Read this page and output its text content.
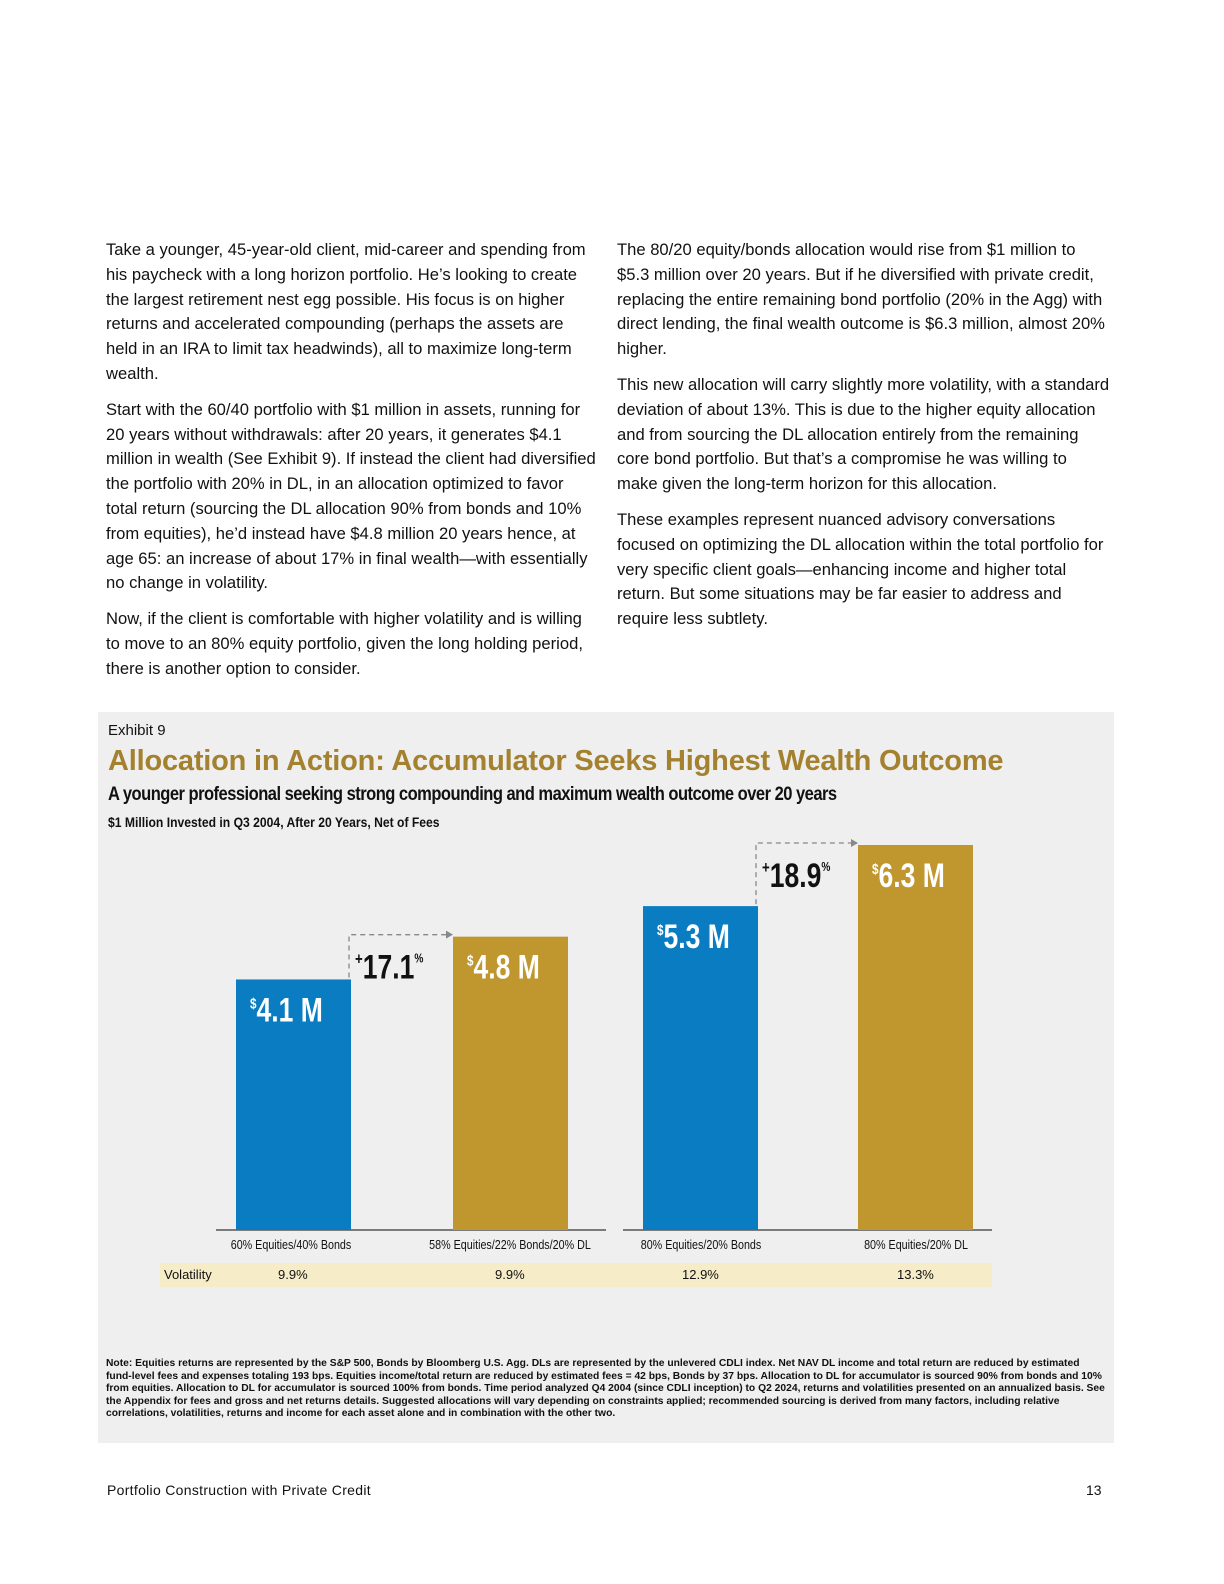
Take a younger, 45-year-old client, mid-career and spending from his paycheck with a long horizon portfolio. He’s looking to create the largest retirement nest egg possible. His focus is on higher returns and accelerated compounding (perhaps the assets are held in an IRA to limit tax headwinds), all to maximize long-term wealth.

Start with the 60/40 portfolio with $1 million in assets, running for 20 years without withdrawals: after 20 years, it generates $4.1 million in wealth (See Exhibit 9). If instead the client had diversified the portfolio with 20% in DL, in an allocation optimized to favor total return (sourcing the DL allocation 90% from bonds and 10% from equities), he’d instead have $4.8 million 20 years hence, at age 65: an increase of about 17% in final wealth—with essentially no change in volatility.

Now, if the client is comfortable with higher volatility and is willing to move to an 80% equity portfolio, given the long holding period, there is another option to consider.

The 80/20 equity/bonds allocation would rise from $1 million to $5.3 million over 20 years. But if he diversified with private credit, replacing the entire remaining bond portfolio (20% in the Agg) with direct lending, the final wealth outcome is $6.3 million, almost 20% higher.

This new allocation will carry slightly more volatility, with a standard deviation of about 13%. This is due to the higher equity allocation and from sourcing the DL allocation entirely from the remaining core bond portfolio. But that’s a compromise he was willing to make given the long-term horizon for this allocation.

These examples represent nuanced advisory conversations focused on optimizing the DL allocation within the total portfolio for very specific client goals—enhancing income and higher total return. But some situations may be far easier to address and require less subtlety.

Exhibit 9
Allocation in Action: Accumulator Seeks Highest Wealth Outcome
A younger professional seeking strong compounding and maximum wealth outcome over 20 years
$1 Million Invested in Q3 2004, After 20 Years, Net of Fees
$4.1 M
60% Equities/40% Bonds
$4.8 M
58% Equities/22% Bonds/20% DL
$5.3 M
80% Equities/20% Bonds
$6.3 M
80% Equities/20% DL
+17.1%
+18.9%
Volatility	9.9%	9.9%	12.9%	13.3%
Note: Equities returns are represented by the S&P 500, Bonds by Bloomberg U.S. Agg. DLs are represented by the unlevered CDLI index. Net NAV DL income and total return are reduced by estimated fund-level fees and expenses totaling 193 bps. Equities income/total return are reduced by estimated fees = 42 bps, Bonds by 37 bps. Allocation to DL for accumulator is sourced 90% from bonds and 10% from equities. Allocation to DL for accumulator is sourced 100% from bonds. Time period analyzed Q4 2004 (since CDLI inception) to Q2 2024, returns and volatilities presented on an annualized basis. See the Appendix for fees and gross and net returns details. Suggested allocations will vary depending on constraints applied; recommended sourcing is derived from many factors, including relative correlations, volatilities, returns and income for each asset alone and in combination with the other two.
Portfolio Construction with Private Credit	13
